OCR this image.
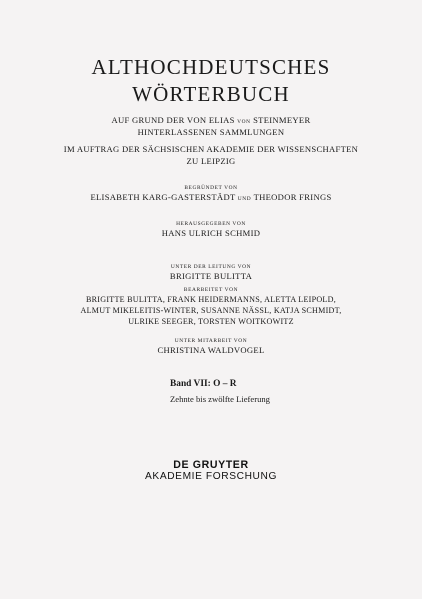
ALTHOCHDEUTSCHES
WÖRTERBUCH
AUF GRUND DER VON ELIAS VON STEINMEYER
HINTERLASSENEN SAMMLUNGEN
IM AUFTRAG DER SÄCHSISCHEN AKADEMIE DER WISSENSCHAFTEN
ZU LEIPZIG
BEGRÜNDET VON
ELISABETH KARG-GASTERSTÄDT UND THEODOR FRINGS
HERAUSGEGEBEN VON
HANS ULRICH SCHMID
UNTER DER LEITUNG VON
BRIGITTE BULITTA
BEARBEITET VON
BRIGITTE BULITTA, FRANK HEIDERMANNS, ALETTA LEIPOLD,
ALMUT MIKELEITIS-WINTER, SUSANNE NÄSSL, KATJA SCHMIDT,
ULRIKE SEEGER, TORSTEN WOITKOWITZ
UNTER MITARBEIT VON
CHRISTINA WALDVOGEL
Band VII: O – R
Zehnte bis zwölfte Lieferung
DE GRUYTER
AKADEMIE FORSCHUNG
